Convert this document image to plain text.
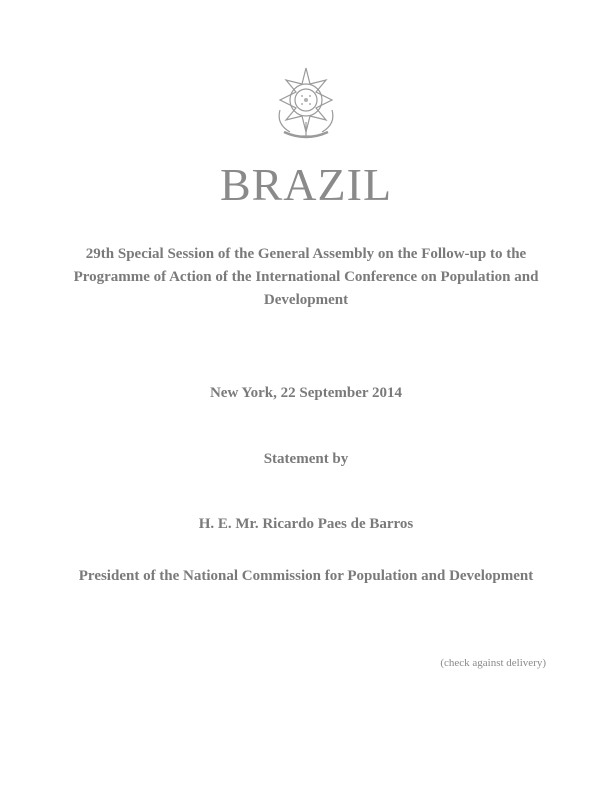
BRAZIL
29th Special Session of the General Assembly on the Follow-up to the Programme of Action of the International Conference on Population and Development
New York, 22 September 2014
Statement by
H. E. Mr. Ricardo Paes de Barros
President of the National Commission for Population and Development
(check against delivery)
